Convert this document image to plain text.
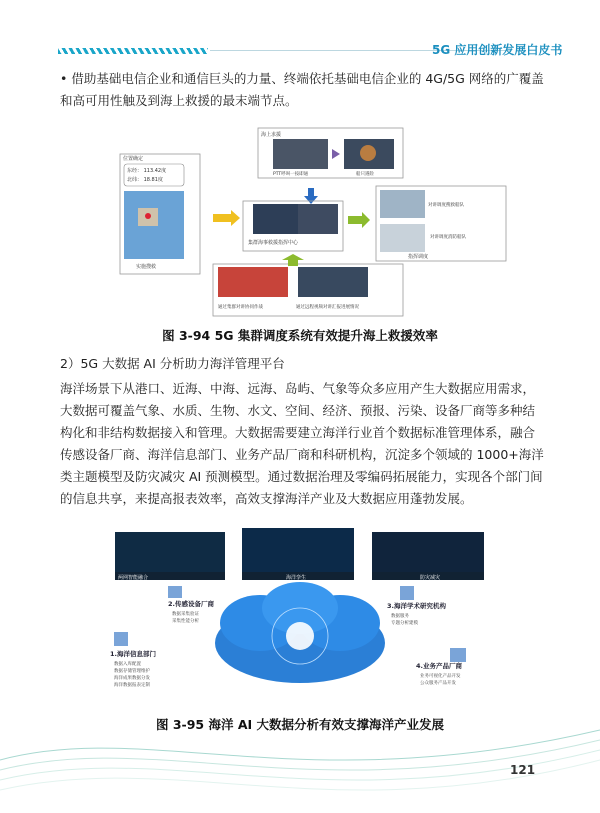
5G 应用创新发展白皮书
• 借助基础电信企业和通信巨头的力量、终端依托基础电信企业的 4G/5G 网络的广覆盖和高可用性触及到海上救援的最末端节点。
海上求援
PTT呼叫一按即通	船只遇险
位置确定
东经： 113.42度
北纬： 18.81度
实施搜救
集群海事救援指挥中心
对讲调度搜救船队
对讲调度消防船队
指挥调度
通过集群对讲协同作战	通过远程视频对讲汇报进展情况
图 3-94 5G 集群调度系统有效提升海上救援效率
2）5G 大数据 AI 分析助力海洋管理平台
海洋场景下从港口、近海、中海、远海、岛屿、气象等众多应用产生大数据应用需求，大数据可覆盖气象、水质、生物、水文、空间、经济、预报、污染、设备厂商等多种结构化和非结构数据接入和管理。大数据需要建立海洋行业首个数据标准管理体系，融合传感设备厂商、海洋信息部门、业务产品厂商和科研机构，沉淀多个领域的 1000+海洋类主题模型及防灾减灾 AI 预测模型。通过数据治理及零编码拓展能力，实现各个部门间的信息共享，来提高报表效率，高效支撑海洋产业及大数据应用蓬勃发展。
两网智能融合	海洋孪生	防灾减灾
2.传感设备厂商
数据采集验证
采集性能分析
3.海洋学术研究机构
数据服务
专题分析建模
1.海洋信息部门
数据入库配置
数据存储管理维护
海洋成果数据分发
海洋数据报表定制
4.业务产品厂商
业务可视化产品开发
公众服务产品开发
图 3-95 海洋 AI 大数据分析有效支撑海洋产业发展
121
